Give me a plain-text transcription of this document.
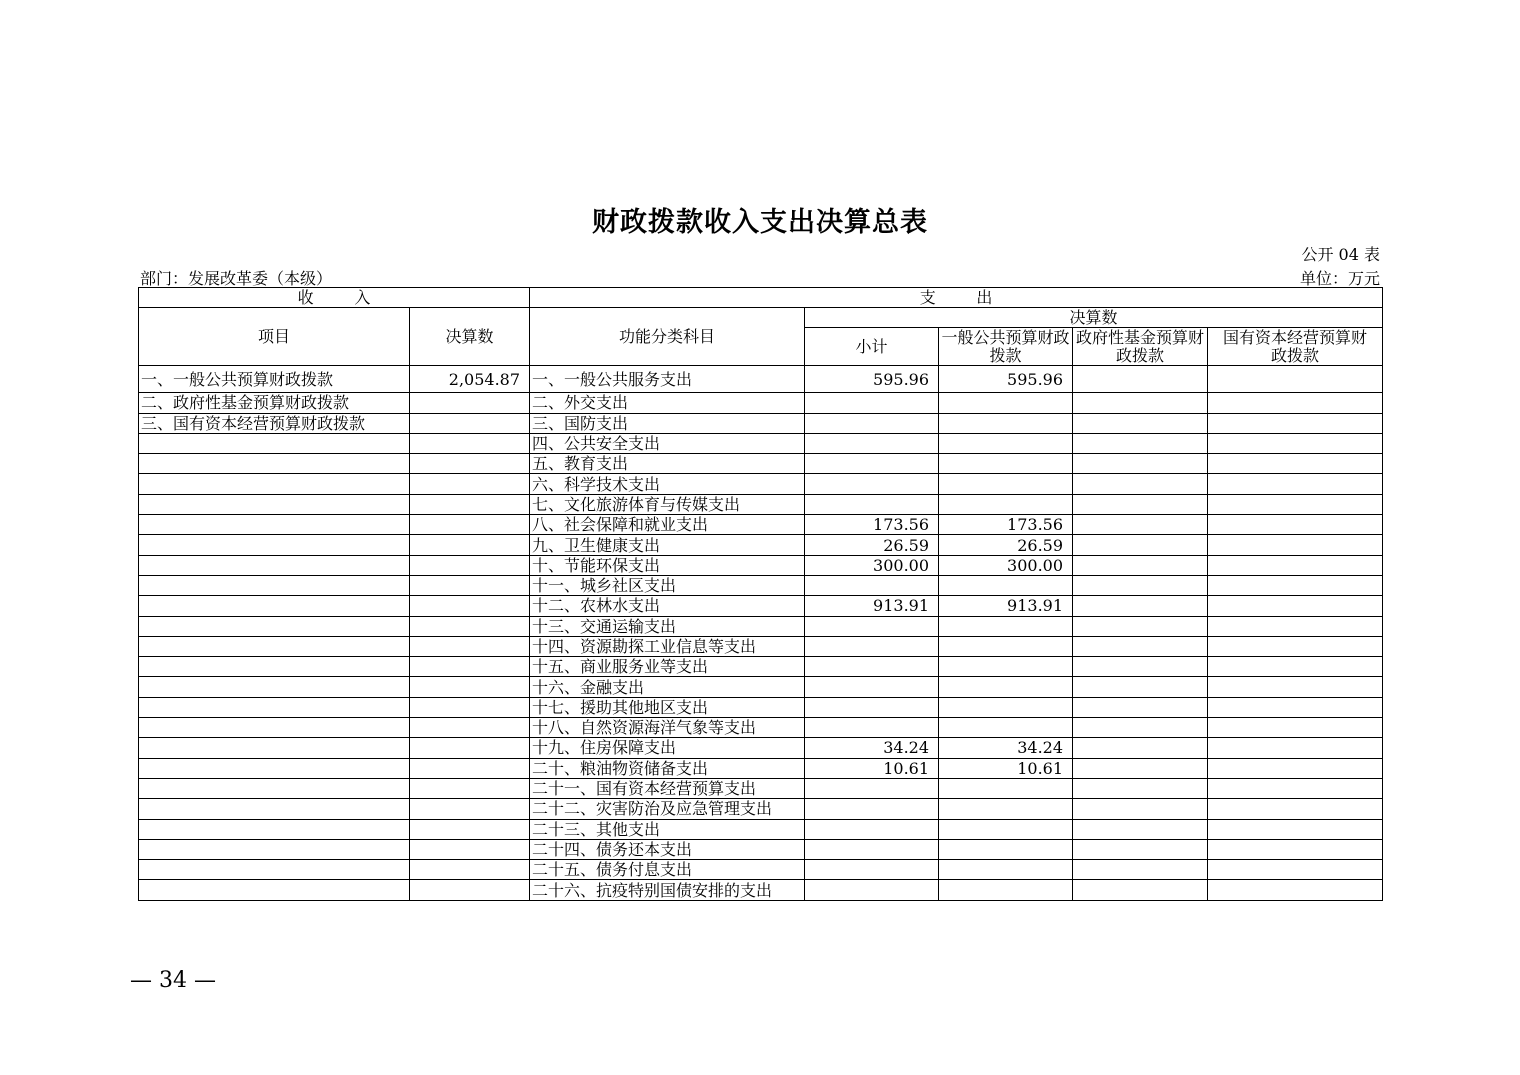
财政拨款收入支出决算总表
公开 04 表
部门：发展改革委（本级）	单位：万元
收        入		支        出				
项目	决算数	功能分类科目	决算数			
			小计	一般公共预算财政拨款	政府性基金预算财政拨款	国有资本经营预算财政拨款
一、一般公共预算财政拨款	2,054.87	一、一般公共服务支出	595.96	595.96		
二、政府性基金预算财政拨款		二、外交支出				
三、国有资本经营预算财政拨款		三、国防支出				
		四、公共安全支出				
		五、教育支出				
		六、科学技术支出				
		七、文化旅游体育与传媒支出				
		八、社会保障和就业支出	173.56	173.56		
		九、卫生健康支出	26.59	26.59		
		十、节能环保支出	300.00	300.00		
		十一、城乡社区支出				
		十二、农林水支出	913.91	913.91		
		十三、交通运输支出				
		十四、资源勘探工业信息等支出				
		十五、商业服务业等支出				
		十六、金融支出				
		十七、援助其他地区支出				
		十八、自然资源海洋气象等支出				
		十九、住房保障支出	34.24	34.24		
		二十、粮油物资储备支出	10.61	10.61		
		二十一、国有资本经营预算支出				
		二十二、灾害防治及应急管理支出				
		二十三、其他支出				
		二十四、债务还本支出				
		二十五、债务付息支出				
		二十六、抗疫特别国债安排的支出				
— 34 —
